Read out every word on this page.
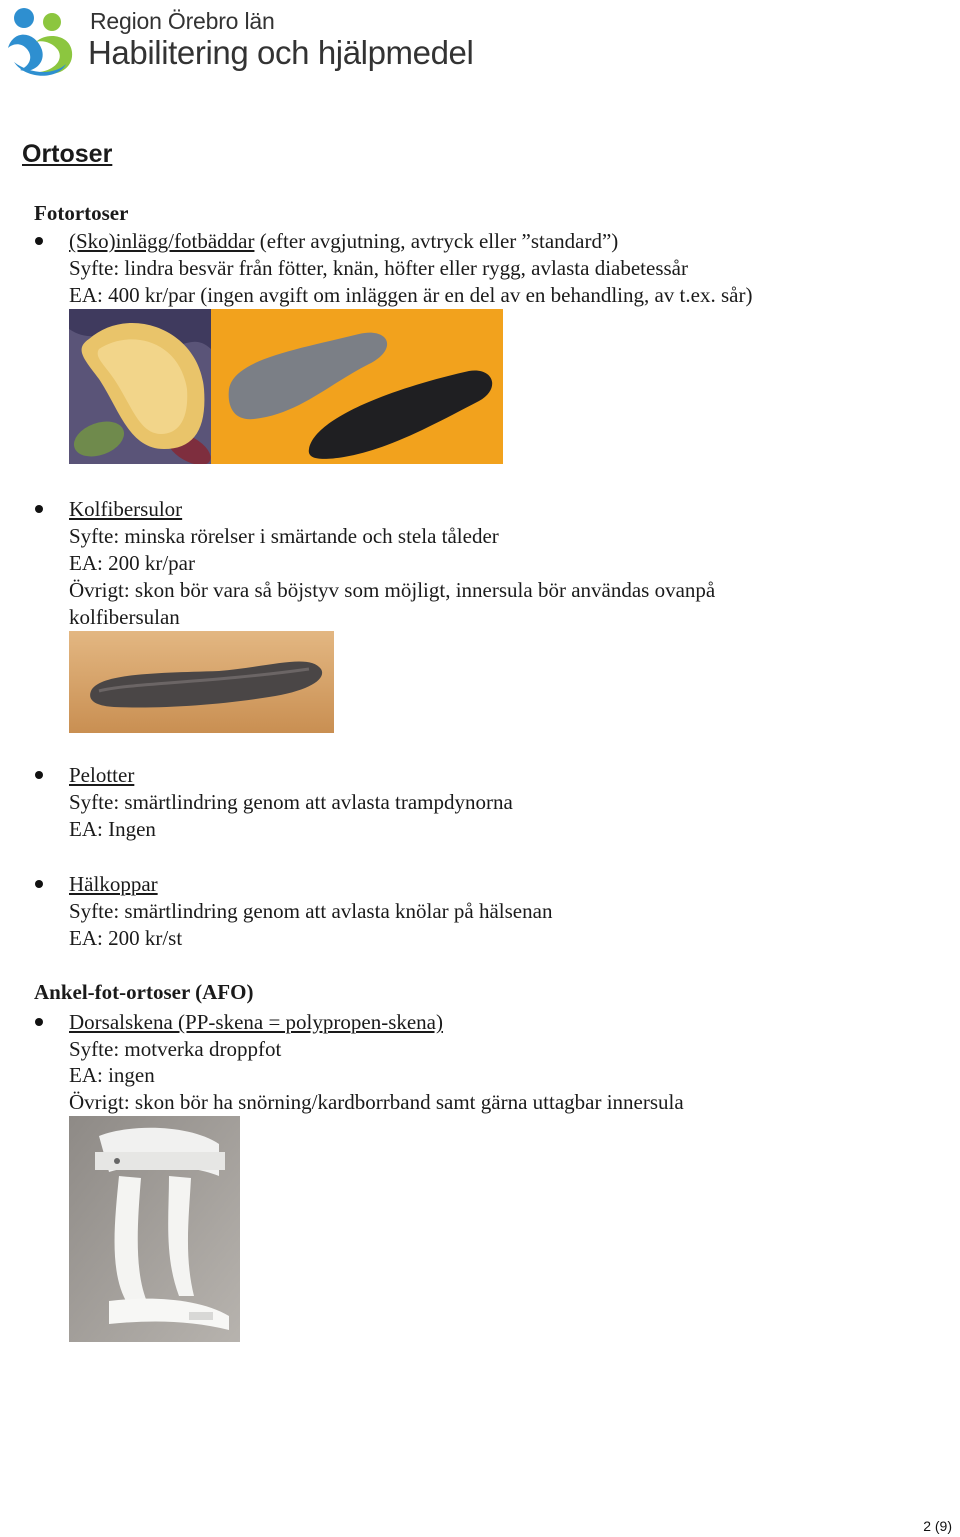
Region Örebro län
Habilitering och hjälpmedel
Ortoser
Fotortoser
(Sko)inlägg/fotbäddar (efter avgjutning, avtryck eller ”standard”)
Syfte: lindra besvär från fötter, knän, höfter eller rygg, avlasta diabetessår
EA: 400 kr/par (ingen avgift om inläggen är en del av en behandling, av t.ex. sår)
Kolfibersulor
Syfte: minska rörelser i smärtande och stela tåleder
EA: 200 kr/par
Övrigt: skon bör vara så böjstyv som möjligt, innersula bör användas ovanpå
kolfibersulan
Pelotter
Syfte: smärtlindring genom att avlasta trampdynorna
EA: Ingen
Hälkoppar
Syfte: smärtlindring genom att avlasta knölar på hälsenan
EA: 200 kr/st
Ankel-fot-ortoser (AFO)
Dorsalskena (PP-skena = polypropen-skena)
Syfte: motverka droppfot
EA: ingen
Övrigt: skon bör ha snörning/kardborrband samt gärna uttagbar innersula
2 (9)
